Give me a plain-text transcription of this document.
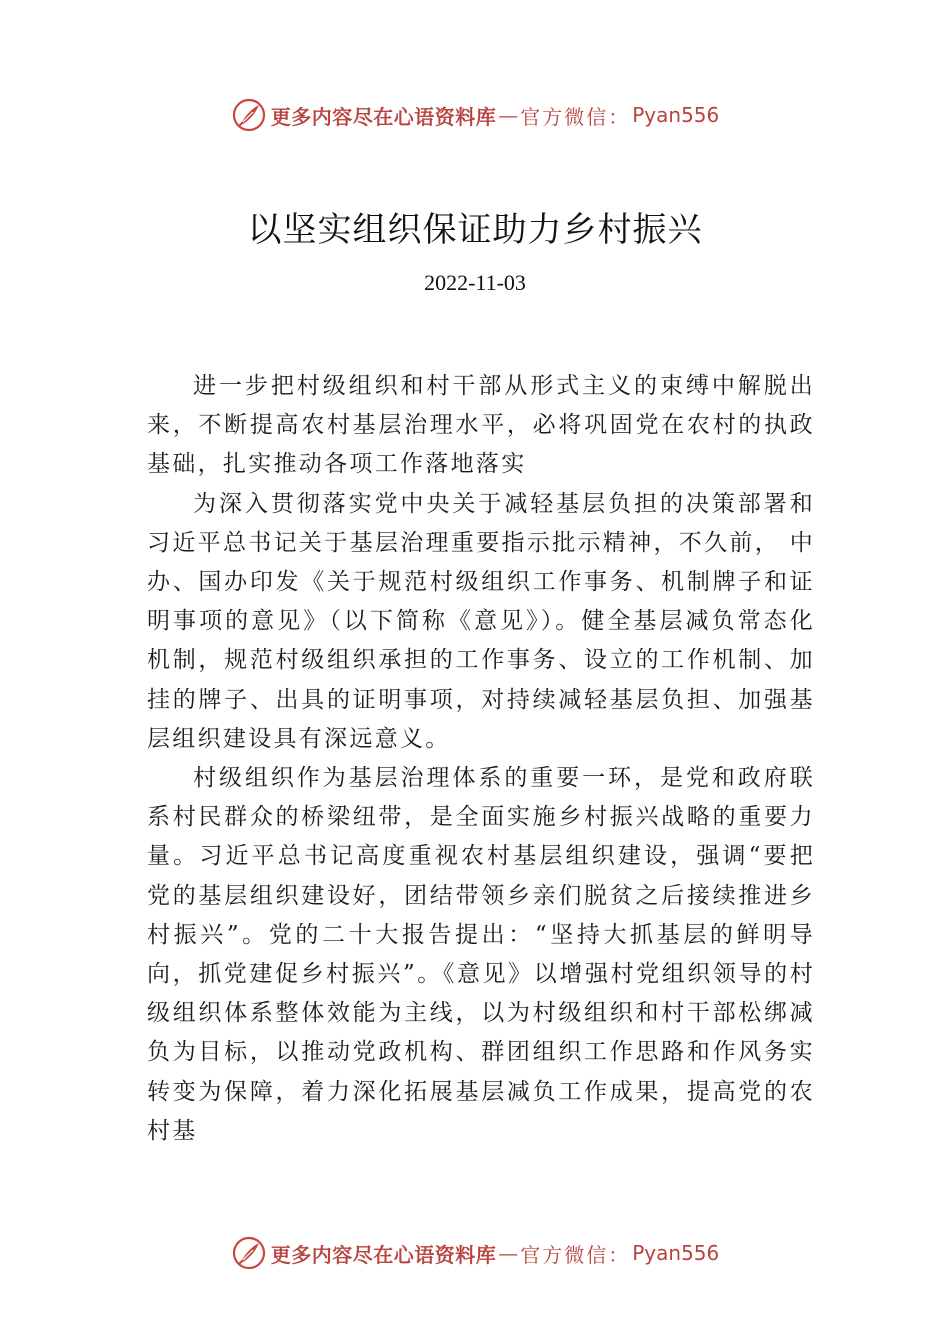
更多内容尽在心语资料库 — 官方微信： Pyan556
以坚实组织保证助力乡村振兴
2022-11-03

进一步把村级组织和村干部从形式主义的束缚中解脱出来，不断提高农村基层治理水平，必将巩固党在农村的执政基础，扎实推动各项工作落地落实

为深入贯彻落实党中央关于减轻基层负担的决策部署和习近平总书记关于基层治理重要指示批示精神，不久前， 中办、国办印发《关于规范村级组织工作事务、机制牌子和证明事项的意见》（以下简称《意见》）。健全基层减负常态化机制，规范村级组织承担的工作事务、设立的工作机制、加挂的牌子、出具的证明事项，对持续减轻基层负担、加强基层组织建设具有深远意义。

村级组织作为基层治理体系的重要一环，是党和政府联系村民群众的桥梁纽带，是全面实施乡村振兴战略的重要力量。习近平总书记高度重视农村基层组织建设，强调“要把党的基层组织建设好，团结带领乡亲们脱贫之后接续推进乡村振兴”。党的二十大报告提出：“坚持大抓基层的鲜明导向，抓党建促乡村振兴”。《意见》以增强村党组织领导的村级组织体系整体效能为主线，以为村级组织和村干部松绑减负为目标，以推动党政机构、群团组织工作思路和作风务实转变为保障，着力深化拓展基层减负工作成果，提高党的农村基

更多内容尽在心语资料库 — 官方微信： Pyan556
